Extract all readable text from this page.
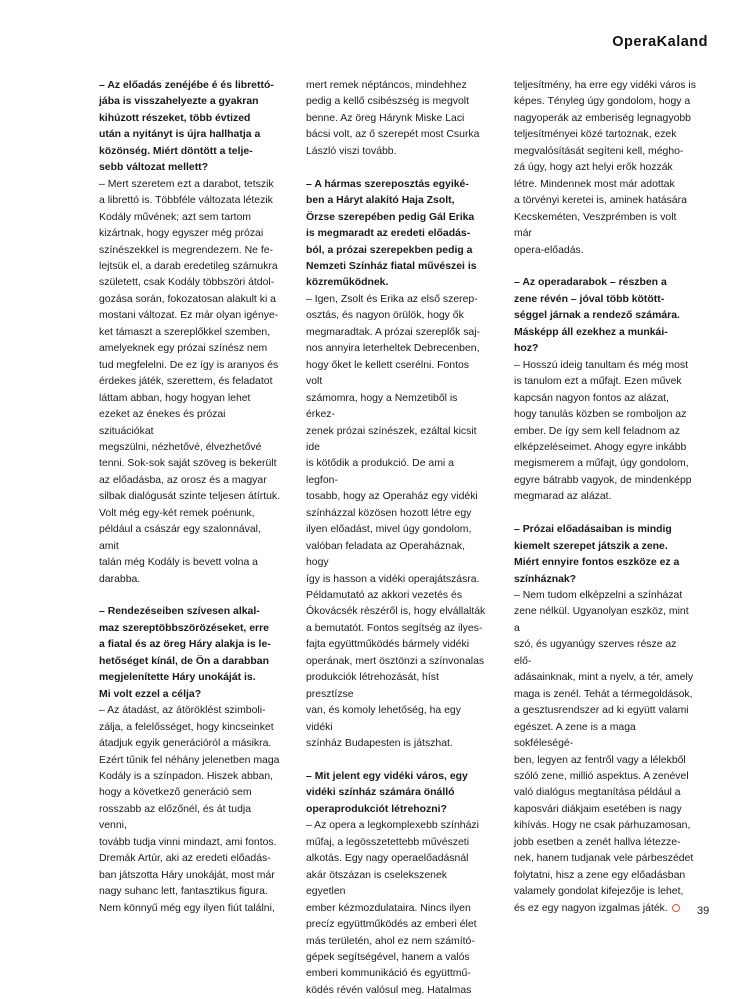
OperaKaland

– Az előadás zenéjébe é és librettó-
jába is visszahelyezte a gyakran
kihúzott részeket, több évtized
után a nyitányt is újra hallhatja a
közönség. Miért döntött a telje-
sebb változat mellett?

– Mert szeretem ezt a darabot, tetszik
a librettó is. Többféle változata létezik
Kodály művének; azt sem tartom
kizártnak, hogy egyszer még prózai
színészekkel is megrendezem. Ne fe-
lejtsük el, a darab eredetileg számukra
született, csak Kodály többszöri átdol-
gozása során, fokozatosan alakult ki a
mostani változat. Ez már olyan igénye-
ket támaszt a szereplőkkel szemben,
amelyeknek egy prózai színész nem
tud megfelelni. De ez így is aranyos és
érdekes játék, szerettem, és feladatot
láttam abban, hogy hogyan lehet
ezeket az énekes és prózai szituációkat
megszülni, nézhetővé, élvezhetővé
tenni. Sok-sok saját szöveg is bekerült
az előadásba, az orosz és a magyar
silbak dialógusát szinte teljesen átírtuk.
Volt még egy-két remek poénunk,
például a császár egy szalonnával, amit
talán még Kodály is bevett volna a
darabba.

– Rendezéseiben szívesen alkal-
maz szereptöbbszörözéseket, erre
a fiatal és az öreg Háry alakja is le-
hetőséget kínál, de Ön a darabban
megjelenítette Háry unokáját is.
Mi volt ezzel a célja?

– Az átadást, az átöröklést szimboli-
zálja, a felelősséget, hogy kincseinket
átadjuk egyik generációról a másikra.
Ezért tűnik fel néhány jelenetben maga
Kodály is a színpadon. Hiszek abban,
hogy a következő generáció sem
rosszabb az előzőnél, és át tudja venni,
tovább tudja vinni mindazt, ami fontos.
Dremák Artúr, aki az eredeti előadás-
ban játszotta Háry unokáját, most már
nagy suhanc lett, fantasztikus figura.
Nem könnyű még egy ilyen fiút találni,

mert remek néptáncos, mindehhez
pedig a kellő csibészség is megvolt
benne. Az öreg Hárynk Miske Laci
bácsi volt, az ő szerepét most Csurka
László viszi tovább.

– A hármas szereposztás egyiké-
ben a Háryt alakító Haja Zsolt,
Örzse szerepében pedig Gál Erika
is megmaradt az eredeti előadás-
ból, a prózai szerepekben pedig a
Nemzeti Színház fiatal művészei is
közreműködnek.

– Igen, Zsolt és Erika az első szerep-
osztás, és nagyon örülök, hogy ők
megmaradtak. A prózai szereplők saj-
nos annyira leterheltek Debrecenben,
hogy őket le kellett cserélni. Fontos volt
számomra, hogy a Nemzetiből is érkez-
zenek prózai színészek, ezáltal kicsit ide
is kötődik a produkció. De ami a legfon-
tosabb, hogy az Operaház egy vidéki
színházzal közösen hozott létre egy
ilyen előadást, mivel úgy gondolom,
valóban feladata az Operaháznak, hogy
így is hasson a vidéki operajátszásra.
Példamutató az akkori vezetés és
Ókovácsék részéről is, hogy elvállalták
a bemutatót. Fontos segítség az ilyes-
fajta együttműködés bármely vidéki
operának, mert ösztönzi a színvonalas
produkciók létrehozását, híst presztízse
van, és komoly lehetőség, ha egy vidéki
színház Budapesten is játszhat.

– Mit jelent egy vidéki város, egy
vidéki színház számára önálló
operaprodukciót létrehozni?

– Az opera a legkomplexebb színházi
műfaj, a legösszetettebb művészeti
alkotás. Egy nagy operaelőadásnál
akár ötszázan is cselekszenek egyetlen
ember kézmozdulataira. Nincs ilyen
precíz együttműködés az emberi élet
más területén, ahol ez nem számító-
gépek segítségével, hanem a valós
emberi kommunikáció és együttmű-
ködés révén valósul meg. Hatalmas

teljesítmény, ha erre egy vidéki város is
képes. Tényleg úgy gondolom, hogy a
nagyoperák az emberiség legnagyobb
teljesítményei közé tartoznak, ezek
megvalósítását segíteni kell, mégho-
zá úgy, hogy azt helyi erők hozzák
létre. Mindennek most már adottak
a törvényi keretei is, aminek hatására
Kecskeméten, Veszprémben is volt már
opera-előadás.

– Az operadarabok – részben a
zene révén – jóval több kötött-
séggel járnak a rendező számára.
Másképp áll ezekhez a munkái-
hoz?

– Hosszú ideig tanultam és még most
is tanulom ezt a műfajt. Ezen művek
kapcsán nagyon fontos az alázat,
hogy tanulás közben se romboljon az
ember. De így sem kell feladnom az
elképzeléseimet. Ahogy egyre inkább
megismerem a műfajt, úgy gondolom,
egyre bátrabb vagyok, de mindenképp
megmarad az alázat.

– Prózai előadásaiban is mindig
kiemelt szerepet játszik a zene.
Miért ennyire fontos eszköze ez a
színháznak?

– Nem tudom elképzelni a színházat
zene nélkül. Ugyanolyan eszköz, mint a
szó, és ugyanúgy szerves része az elő-
adásainknak, mint a nyelv, a tér, amely
maga is zenél. Tehát a térmegoldások,
a gesztusrendszer ad ki együtt valami
egészet. A zene is a maga sokféleségé-
ben, legyen az fentről vagy a lélekből
szóló zene, millió aspektus. A zenével
való dialógus megtanítása például a
kaposvári diákjaim esetében is nagy
kihívás. Hogy ne csak párhuzamosan,
jobb esetben a zenét hallva létezze-
nek, hanem tudjanak vele párbeszédet
folytatni, hisz a zene egy előadásban
valamely gondolat kifejezője is lehet,
és ez egy nagyon izgalmas játék.	39
